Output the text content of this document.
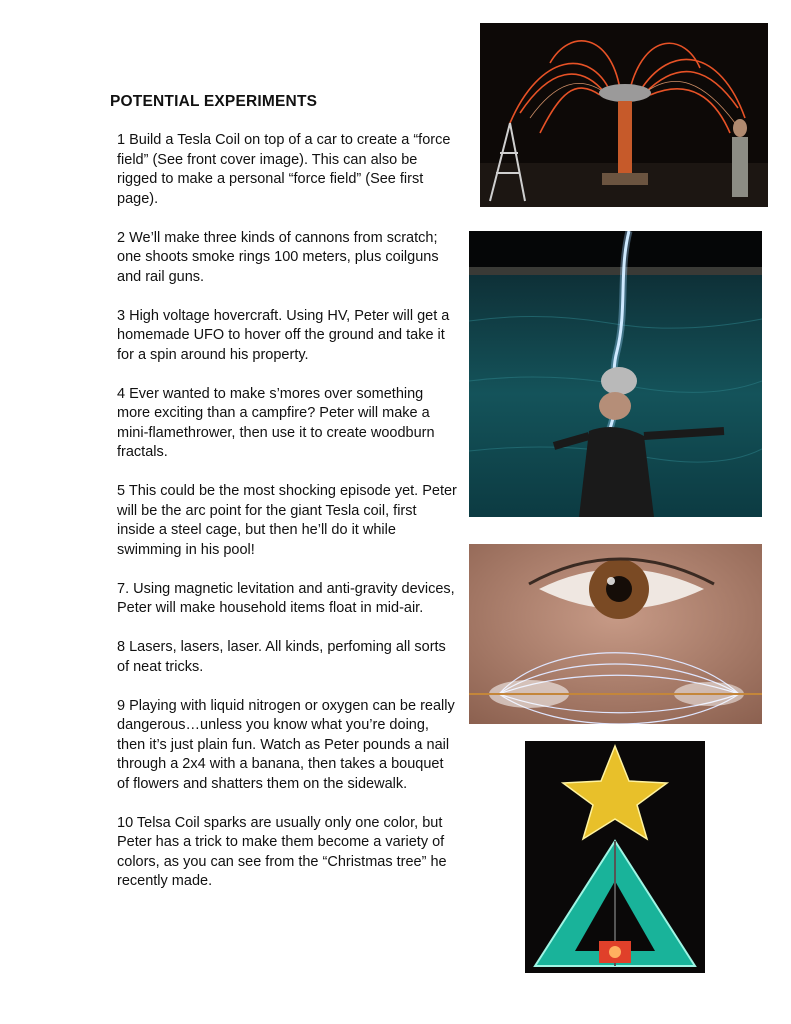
POTENTIAL EXPERIMENTS

1 Build a Tesla Coil on top of a car to create a “force field” (See front cover image). This can also be rigged to make a personal “force field” (See first page).

2 We’ll make three kinds of cannons from scratch; one shoots smoke rings 100 meters, plus coilguns and rail guns.

3 High voltage hovercraft. Using HV, Peter will get a homemade UFO to hover off the ground and take it for a spin around his property.

4 Ever wanted to make s’mores over something more exciting than a campfire? Peter will make a mini-flamethrower, then use it to create woodburn fractals.

5 This could be the most shocking episode yet. Peter will be the arc point for the giant Tesla coil, first inside a steel cage, but then he’ll do it while swimming in his pool!

7. Using magnetic levitation and anti-gravity devices, Peter will make household items float in mid-air.

8 Lasers, lasers, laser. All kinds, perfoming all sorts of neat tricks.

9 Playing with liquid nitrogen or oxygen can be really dangerous…unless you know what you’re doing, then it’s just plain fun. Watch as Peter pounds a nail through a 2x4 with a banana, then takes a bouquet of flowers and shatters them on the sidewalk.

10 Telsa Coil sparks are usually only one color, but Peter has a trick to make them become a variety of colors, as you can see from the “Christmas tree” he recently made.
